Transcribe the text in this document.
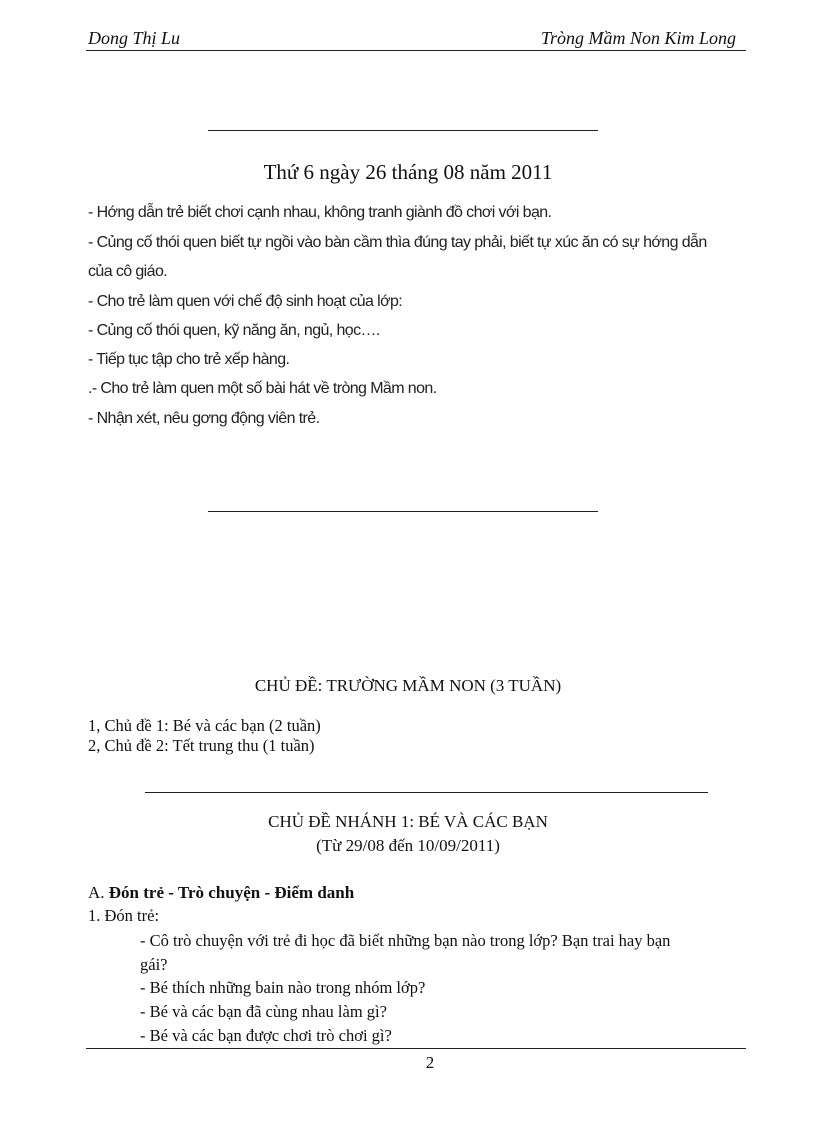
Dong Thị Lu	Tròng Mầm Non Kim Long
Thứ 6 ngày 26 tháng 08 năm 2011
- Hớng dẫn trẻ biết chơi cạnh nhau, không tranh giành đồ chơi với bạn.
- Củng cố thói quen biết tự ngồi vào bàn cầm thìa đúng tay phải, biết tự xúc ăn có sự hớng dẫn
của cô giáo.
- Cho trẻ làm quen với chế độ sinh hoạt của lớp:
- Củng cố thói quen, kỹ năng ăn, ngủ, học….
- Tiếp tục tập cho trẻ xếp hàng.
.- Cho trẻ làm quen một số bài hát về tròng Mầm non.
- Nhận xét, nêu gơng động viên trẻ.
CHỦ ĐỀ: TRƯỜNG MẦM NON (3 TUẦN)
1, Chủ đề 1: Bé và các bạn (2 tuần)
2, Chủ đề 2: Tết trung thu (1 tuần)
CHỦ ĐỀ NHÁNH 1: BÉ VÀ CÁC BẠN
(Từ 29/08 đến 10/09/2011)
A. Đón trẻ - Trò chuyện - Điểm danh
1. Đón trẻ:
- Cô trò chuyện với trẻ đi học đã biết những bạn nào trong lớp? Bạn trai hay bạn
gái?
- Bé thích những bain nào trong nhóm lớp?
- Bé và các bạn đã cùng nhau làm gì?
- Bé và các bạn được chơi trò chơi gì?
2
